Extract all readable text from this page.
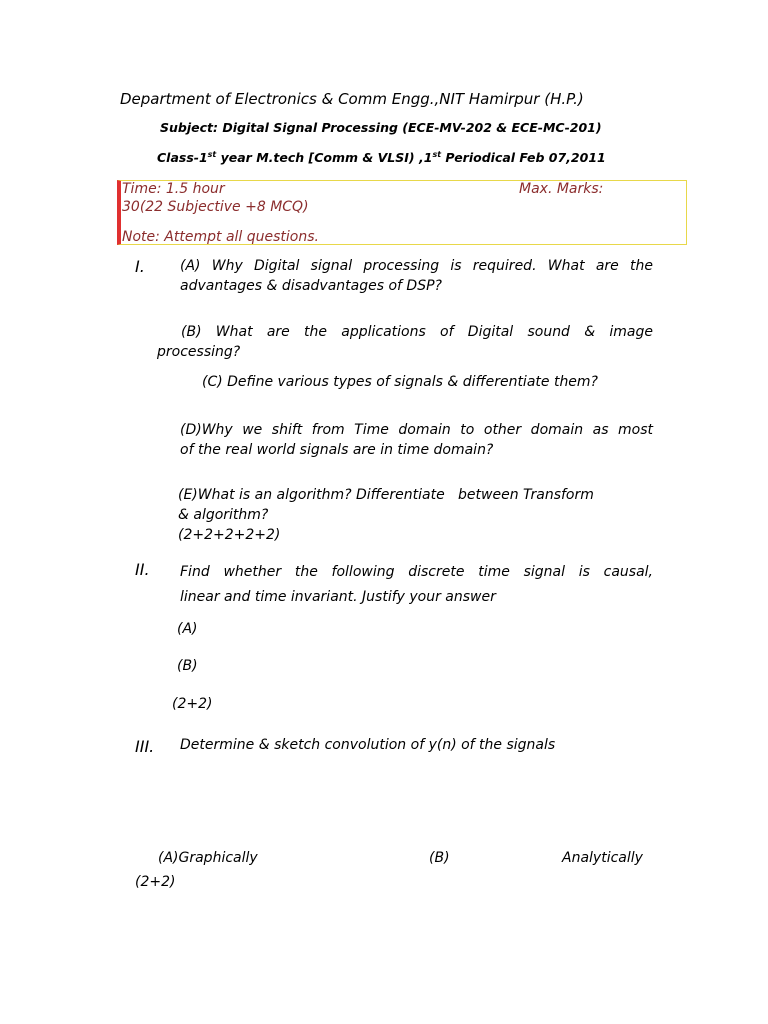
Department of Electronics & Comm Engg.,NIT Hamirpur (H.P.)
Subject: Digital Signal Processing (ECE-MV-202 & ECE-MC-201)
Class-1st year M.tech [Comm & VLSI) ,1st Periodical Feb 07,2011
Time: 1.5 hour	Max. Marks:
30(22 Subjective +8 MCQ)
Note: Attempt all questions.
I.	(A) Why Digital signal processing is required. What are the
advantages & disadvantages of DSP?
(B) What are the applications of Digital sound & image
processing?
(C) Define various types of signals & differentiate them?
(D)Why we shift from Time domain to other domain as most
of the real world signals are in time domain?
(E)What is an algorithm? Differentiate   between Transform
& algorithm?
(2+2+2+2+2)
II. Find whether the following discrete time signal is causal,
linear and time invariant. Justify your answer
(A)
(B)
(2+2)
III. Determine & sketch convolution of y(n) of the signals
(A)Graphically	(B)	Analytically
(2+2)
